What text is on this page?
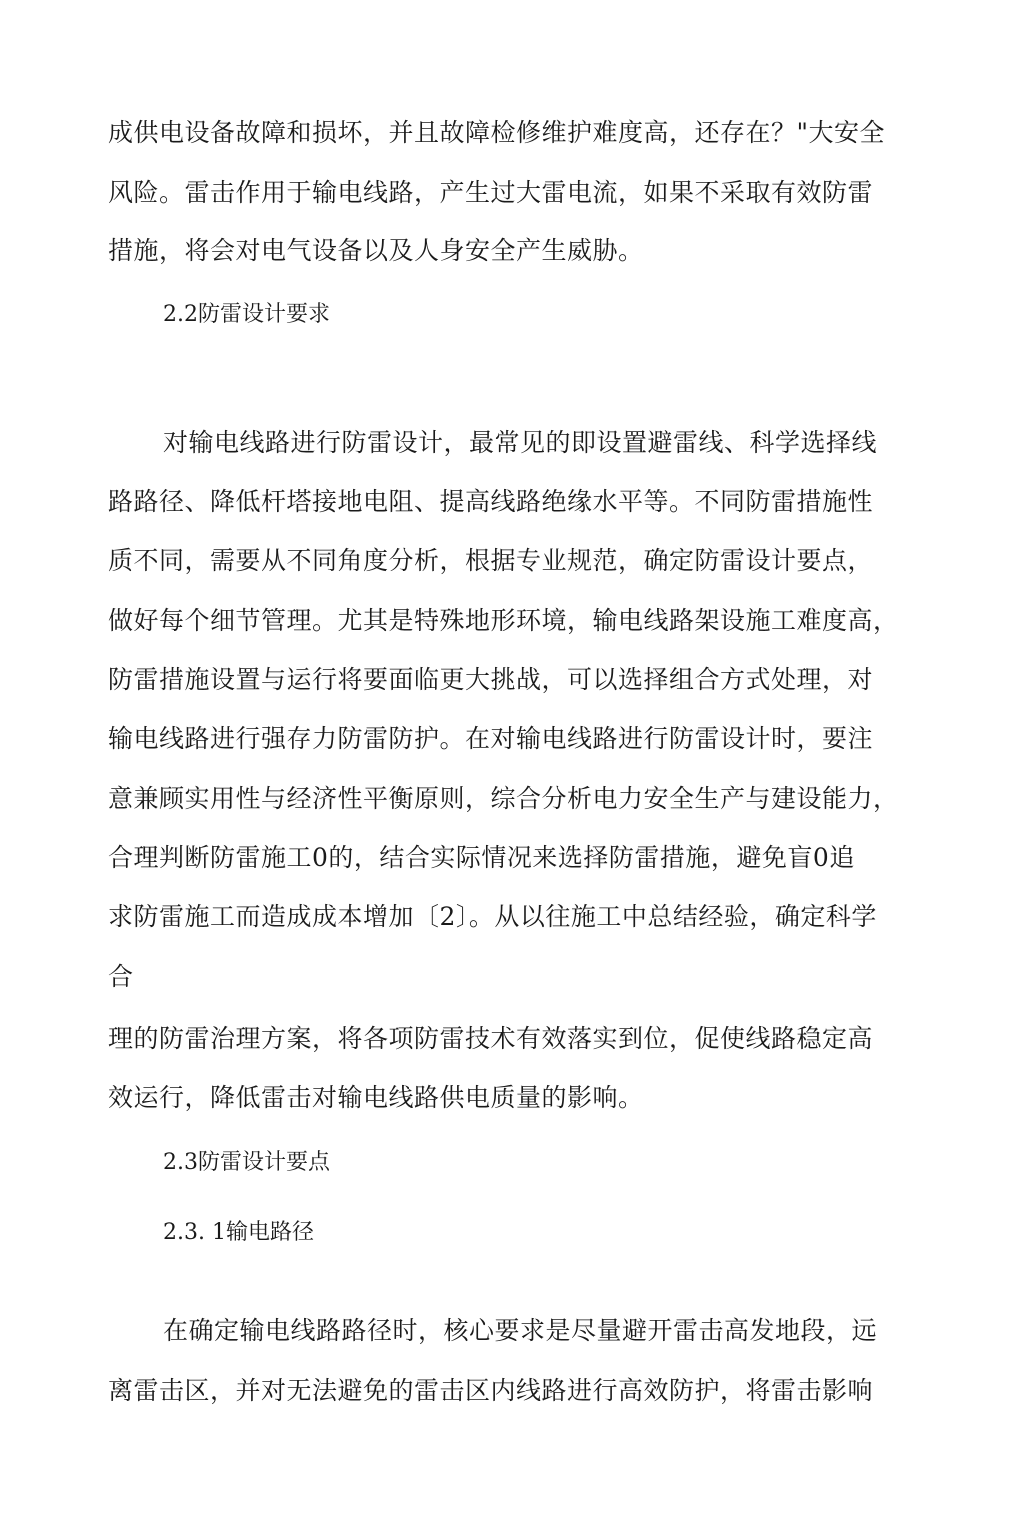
成供电设备故障和损坏，并且故障检修维护难度高，还存在？"大安全
风险。雷击作用于输电线路，产生过大雷电流，如果不采取有效防雷
措施，将会对电气设备以及人身安全产生威胁。
2.2防雷设计要求
对输电线路进行防雷设计，最常见的即设置避雷线、科学选择线
路路径、降低杆塔接地电阻、提高线路绝缘水平等。不同防雷措施性
质不同，需要从不同角度分析，根据专业规范，确定防雷设计要点，
做好每个细节管理。尤其是特殊地形环境，输电线路架设施工难度高，
防雷措施设置与运行将要面临更大挑战，可以选择组合方式处理，对
输电线路进行强存力防雷防护。在对输电线路进行防雷设计时，要注
意兼顾实用性与经济性平衡原则，综合分析电力安全生产与建设能力，
合理判断防雷施工0的，结合实际情况来选择防雷措施，避免盲0追
求防雷施工而造成成本增加〔2〕。从以往施工中总结经验，确定科学
合
理的防雷治理方案，将各项防雷技术有效落实到位，促使线路稳定高
效运行，降低雷击对输电线路供电质量的影响。
2.3防雷设计要点
2.3. 1输电路径
在确定输电线路路径时，核心要求是尽量避开雷击高发地段，远
离雷击区，并对无法避免的雷击区内线路进行高效防护，将雷击影响
